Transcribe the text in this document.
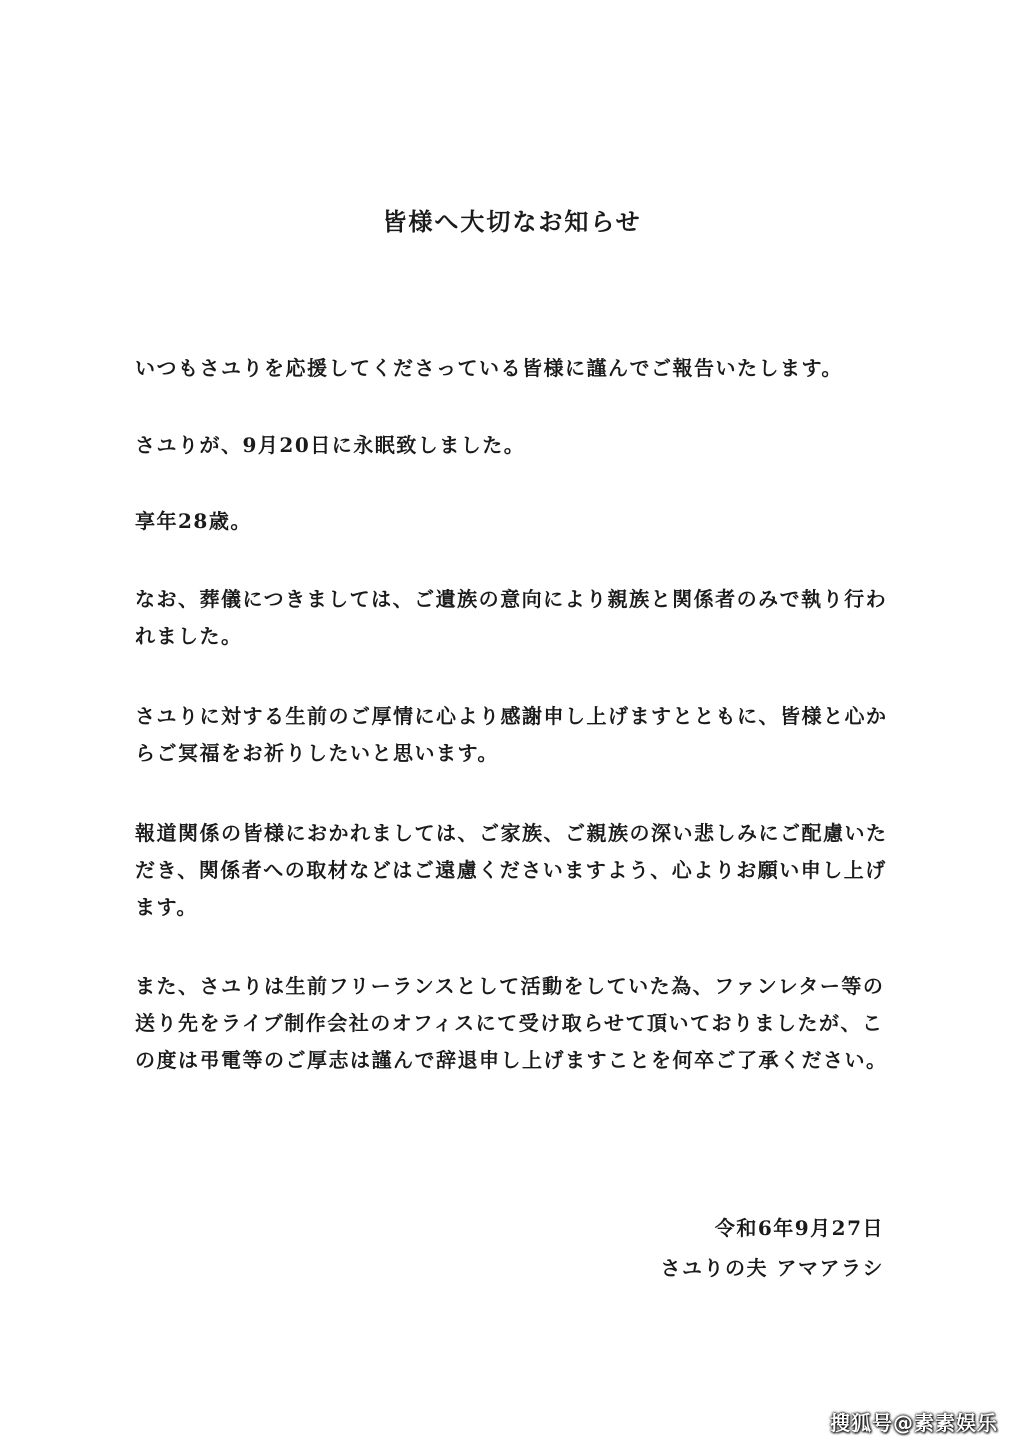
皆様へ大切なお知らせ

いつもさユりを応援してくださっている皆様に謹んでご報告いたします。

さユりが、9月20日に永眠致しました。

享年28歳。

なお、葬儀につきましては、ご遺族の意向により親族と関係者のみで執り行われました。

さユりに対する生前のご厚情に心より感謝申し上げますとともに、皆様と心からご冥福をお祈りしたいと思います。

報道関係の皆様におかれましては、ご家族、ご親族の深い悲しみにご配慮いただき、関係者への取材などはご遠慮くださいますよう、心よりお願い申し上げます。

また、さユりは生前フリーランスとして活動をしていた為、ファンレター等の送り先をライブ制作会社のオフィスにて受け取らせて頂いておりましたが、この度は弔電等のご厚志は謹んで辞退申し上げますことを何卒ご了承ください。

令和6年9月27日
さユりの夫 アマアラシ
搜狐号@素素娱乐
